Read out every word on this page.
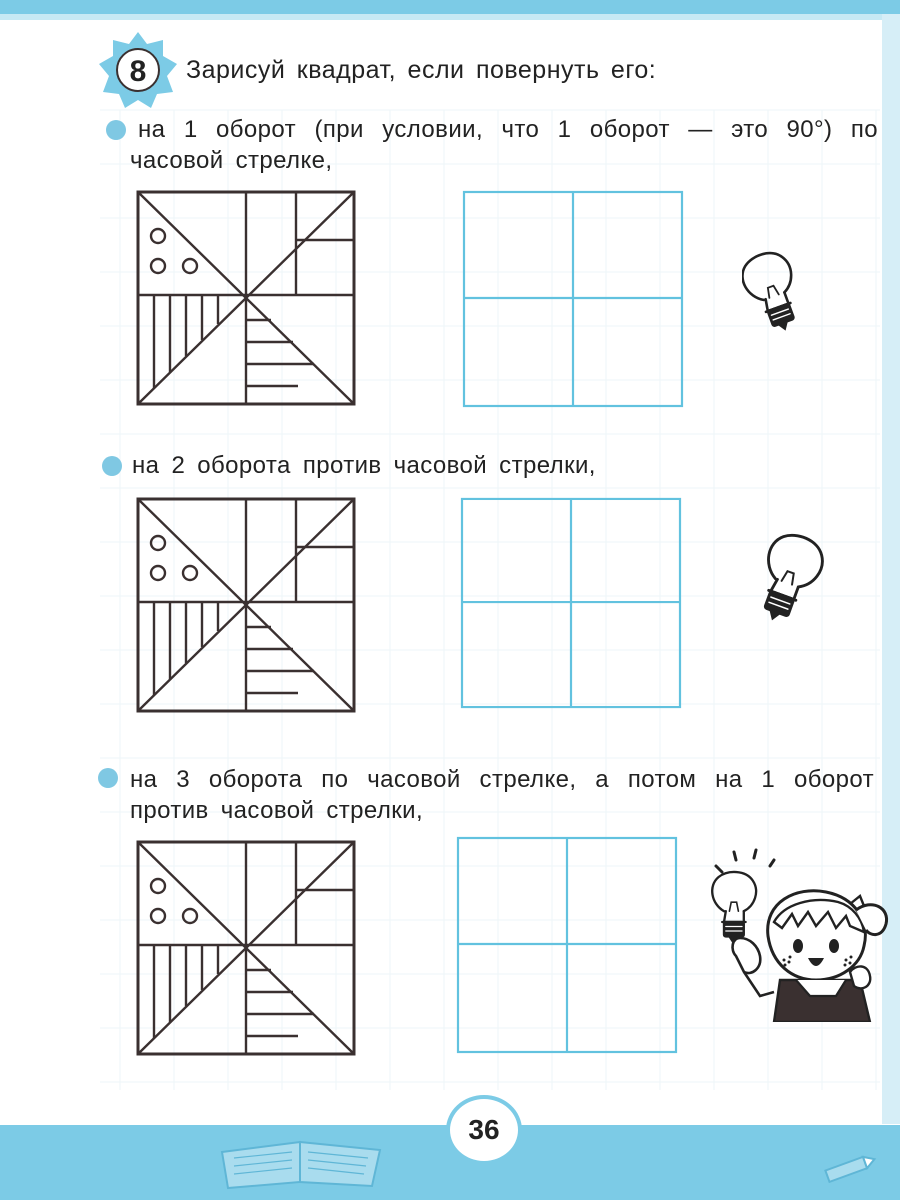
8 Зарисуй квадрат, если повернуть его:
на 1 оборот (при условии, что 1 оборот — это 90°) по
часовой стрелке,
на 2 оборота против часовой стрелки,
на 3 оборота по часовой стрелке, а потом на 1 оборот
против часовой стрелки,
36
